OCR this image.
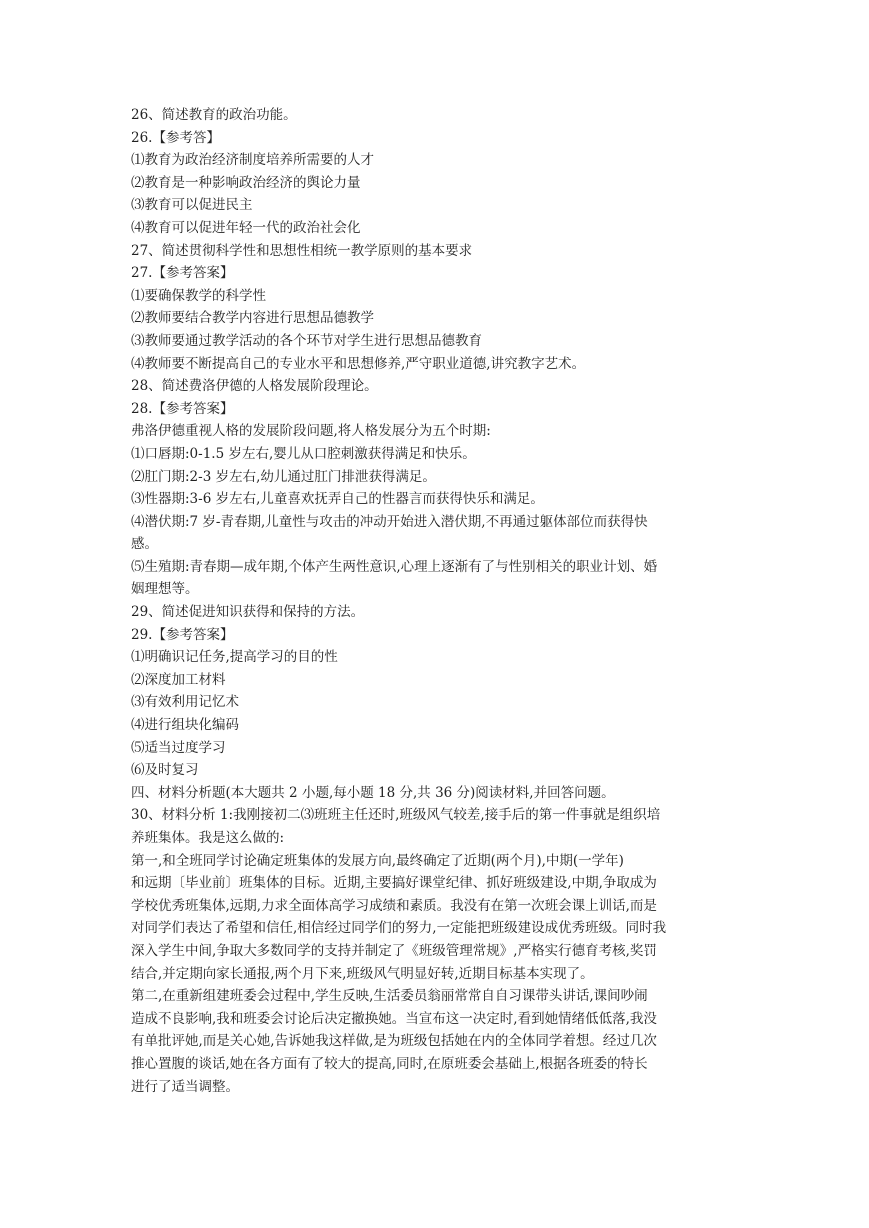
26、简述教育的政治功能。

26.【参考答】

⑴教育为政治经济制度培养所需要的人才

⑵教育是一种影响政治经济的舆论力量

⑶教育可以促进民主

⑷教育可以促进年轻一代的政治社会化

27、简述贯彻科学性和思想性相统一教学原则的基本要求

27.【参考答案】

⑴要确保教学的科学性

⑵教师要结合教学内容进行思想品德教学

⑶教师要通过教学活动的各个环节对学生进行思想品德教育

⑷教师要不断提高自己的专业水平和思想修养,严守职业道德,讲究教字艺术。

28、简述费洛伊德的人格发展阶段理论。

28.【参考答案】

弗洛伊德重视人格的发展阶段问题,将人格发展分为五个时期:

⑴口唇期:0-1.5 岁左右,婴儿从口腔刺激获得满足和快乐。

⑵肛门期:2-3 岁左右,幼儿通过肛门排泄获得满足。

⑶性器期:3-6 岁左右,儿童喜欢抚弄自己的性器言而获得快乐和满足。

⑷潜伏期:7 岁-青春期,儿童性与攻击的冲动开始进入潜伏期,不再通过躯体部位而获得快

感。

⑸生殖期:青春期—成年期,个体产生两性意识,心理上逐渐有了与性别相关的职业计划、婚

姻理想等。

29、简述促进知识获得和保持的方法。

29.【参考答案】

⑴明确识记任务,提高学习的目的性

⑵深度加工材料

⑶有效利用记忆术

⑷进行组块化编码

⑸适当过度学习

⑹及时复习

四、材料分析题(本大题共 2 小题,每小题 18 分,共 36 分)阅读材料,并回答问题。

30、材料分析 1:我刚接初二⑶班班主任还时,班级风气较差,接手后的第一件事就是组织培

养班集体。我是这么做的:

第一,和全班同学讨论确定班集体的发展方向,最终确定了近期(两个月),中期(一学年)

和远期〔毕业前〕班集体的目标。近期,主要搞好课堂纪律、抓好班级建设,中期,争取成为

学校优秀班集体,远期,力求全面体高学习成绩和素质。我没有在第一次班会课上训话,而是

对同学们表达了希望和信任,相信经过同学们的努力,一定能把班级建设成优秀班级。同时我

深入学生中间,争取大多数同学的支持并制定了《班级管理常规》,严格实行德育考核,奖罚

结合,并定期向家长通报,两个月下来,班级风气明显好转,近期目标基本实现了。

第二,在重新组建班委会过程中,学生反映,生活委员翁丽常常自自习课带头讲话,课间吵闹

造成不良影响,我和班委会讨论后决定撤换她。当宣布这一决定时,看到她情绪低低落,我没

有单批评她,而是关心她,告诉她我这样做,是为班级包括她在内的全体同学着想。经过几次

推心置腹的谈话,她在各方面有了较大的提高,同时,在原班委会基础上,根据各班委的特长

进行了适当调整。
